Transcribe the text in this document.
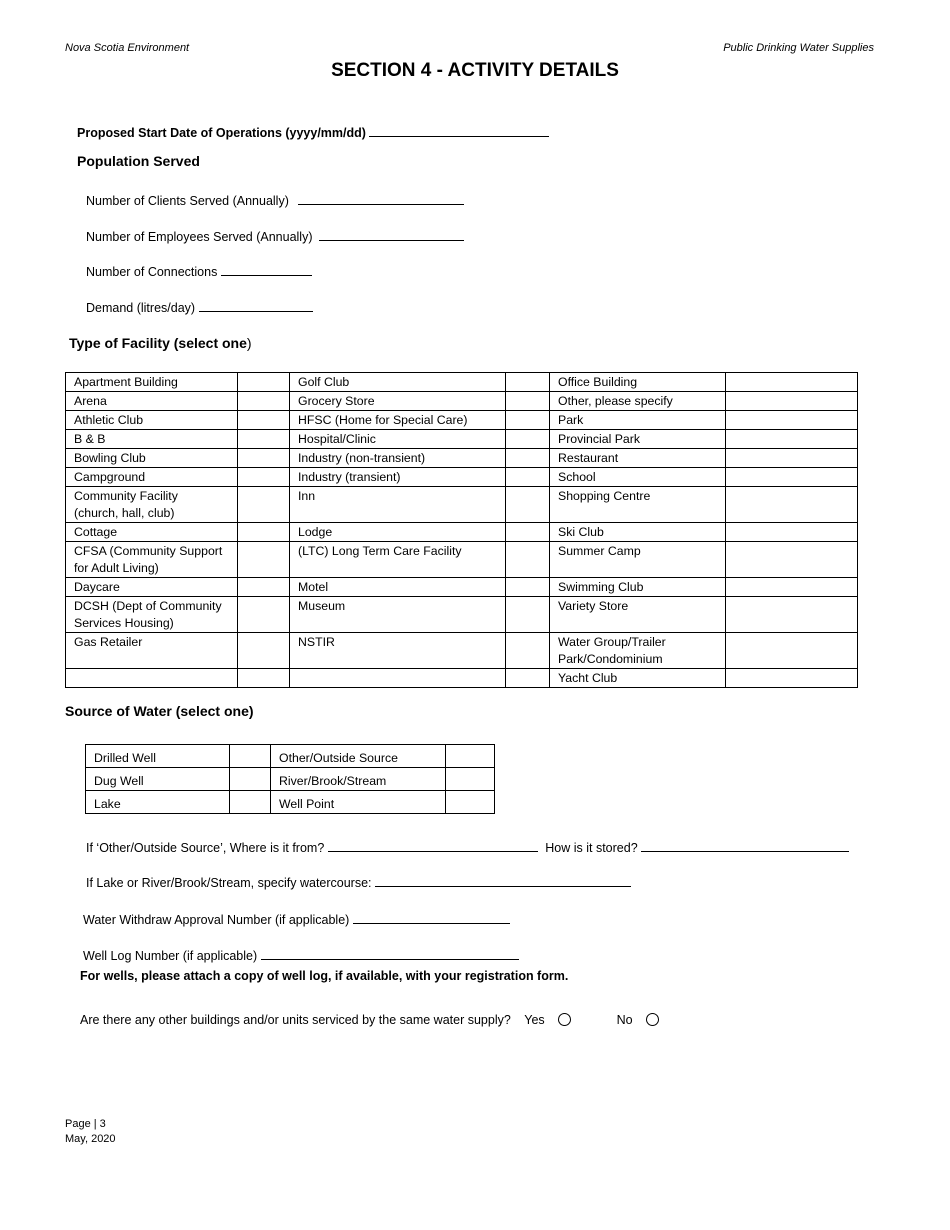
Nova Scotia Environment	Public Drinking Water Supplies
SECTION 4 - ACTIVITY DETAILS
Proposed Start Date of Operations (yyyy/mm/dd)
Population Served
Number of Clients Served (Annually)
Number of Employees Served (Annually)
Number of Connections
Demand (litres/day)
Type of Facility (select one)
Apartment Building		Golf Club		Office Building	
Arena		Grocery Store		Other, please specify	
Athletic Club		HFSC (Home for Special Care)		Park	
B & B		Hospital/Clinic		Provincial Park	
Bowling Club		Industry (non-transient)		Restaurant	
Campground		Industry (transient)		School	
Community Facility
(church, hall, club)		Inn		Shopping Centre	
Cottage		Lodge		Ski Club	
CFSA (Community Support
for Adult Living)		(LTC) Long Term Care Facility		Summer Camp	
Daycare		Motel		Swimming Club	
DCSH (Dept of Community
Services Housing)		Museum		Variety Store	
Gas Retailer		NSTIR		Water Group/Trailer
Park/Condominium	
				Yacht Club	
Source of Water (select one)
Drilled Well		Other/Outside Source	
Dug Well		River/Brook/Stream	
Lake		Well Point	
If ‘Other/Outside Source’, Where is it from?	How is it stored?
If Lake or River/Brook/Stream, specify watercourse:
Water Withdraw Approval Number (if applicable)
Well Log Number (if applicable)
For wells, please attach a copy of well log, if available, with your registration form.
Are there any other buildings and/or units serviced by the same water supply? Yes	No
Page | 3
May, 2020
